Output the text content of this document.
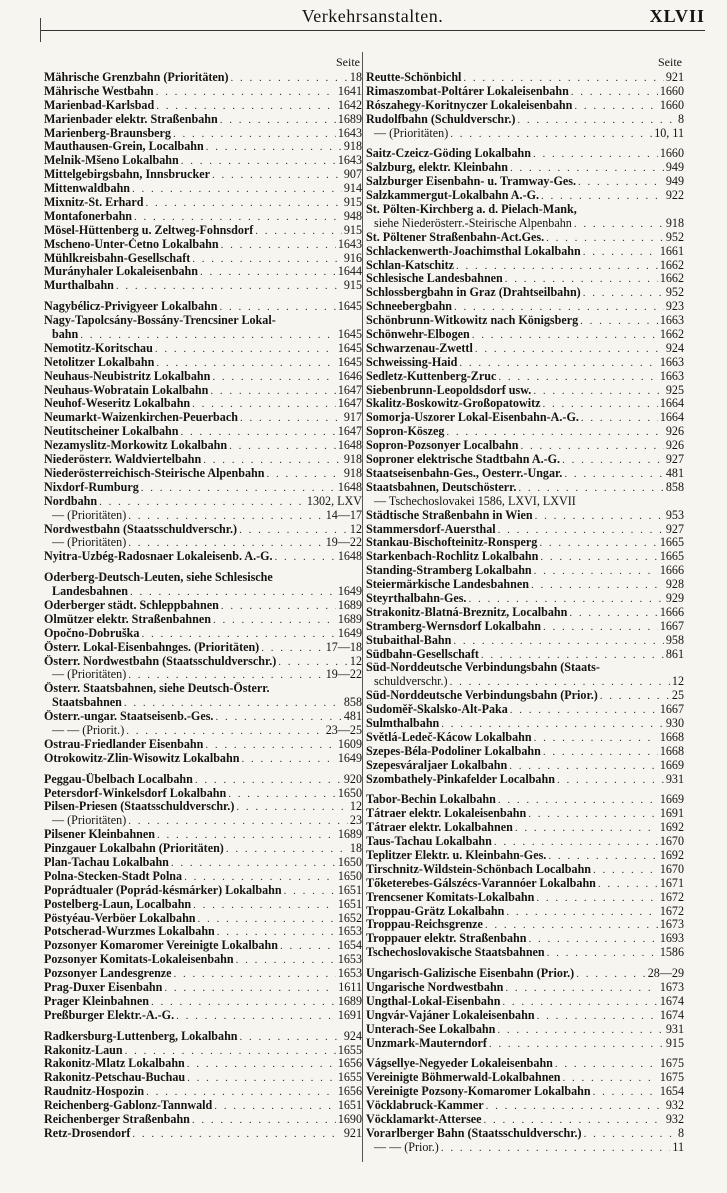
Verkehrsanstalten.	XLVII
Seite
Mährische Grenzbahn (Prioritäten) . . .	18
Mährische Westbahn . . .	1641
Marienbad-Karlsbad . . .	1642
Marienbader elektr. Straßenbahn . . .	1689
Marienberg-Braunsberg . . .	1643
Mauthausen-Grein, Localbahn . . .	918
Melnik-Mšeno Lokalbahn . . .	1643
Mittelgebirgsbahn, Innsbrucker . . .	907
Mittenwaldbahn . . .	914
Mixnitz-St. Erhard . . .	915
Montafonerbahn . . .	948
Mösel-Hüttenberg u. Zeltweg-Fohnsdorf . . .	915
Mscheno-Unter-Četno Lokalbahn . . .	1643
Mühlkreisbahn-Gesellschaft . . .	916
Murányhaler Lokaleisenbahn . . .	1644
Murthalbahn . . .	915
Nagybélicz-Privigyeer Lokalbahn . . .	1645
Nagy-Tapolcsány-Bossány-Trencsiner Lokal-
bahn . . .	1645
Nemotitz-Koritschau . . .	1645
Netolitzer Lokalbahn . . .	1645
Neuhaus-Neubistritz Lokalbahn . . .	1646
Neuhaus-Wobratain Lokalbahn . . .	1647
Neuhof-Weseritz Lokalbahn . . .	1647
Neumarkt-Waizenkirchen-Peuerbach . . .	917
Neutitscheiner Lokalbahn . . .	1647
Nezamyslitz-Morkowitz Lokalbahn . . .	1648
Niederösterr. Waldviertelbahn . . .	918
Niederösterreichisch-Steirische Alpenbahn . . .	918
Nixdorf-Rumburg . . .	1648
Nordbahn . . .	1302, LXV
— (Prioritäten) . . .	14—17
Nordwestbahn (Staatsschuldverschr.) . . .	12
— (Prioritäten) . . .	19—22
Nyitra-Uzbég-Radosnaer Lokaleisenb. A.-G. . . .	1648
Oderberg-Deutsch-Leuten, siehe Schlesische
Landesbahnen . . .	1649
Oderberger städt. Schleppbahnen . . .	1689
Olmützer elektr. Straßenbahnen . . .	1689
Opočno-Dobruška . . .	1649
Österr. Lokal-Eisenbahnges. (Prioritäten) . . .	17—18
Österr. Nordwestbahn (Staatsschuldverschr.) . . .	12
— (Prioritäten) . . .	19—22
Österr. Staatsbahnen, siehe Deutsch-Österr.
Staatsbahnen . . .	858
Österr.-ungar. Staatseisenb.-Ges. . . .	481
— — (Priorit.) . . .	23—25
Ostrau-Friedlander Eisenbahn . . .	1609
Otrokowitz-Zlin-Wisowitz Lokalbahn . . .	1649
Peggau-Übelbach Localbahn . . .	920
Petersdorf-Winkelsdorf Lokalbahn . . .	1650
Pilsen-Priesen (Staatsschuldverschr.) . . .	12
— (Prioritäten) . . .	23
Pilsener Kleinbahnen . . .	1689
Pinzgauer Lokalbahn (Prioritäten) . . .	18
Plan-Tachau Lokalbahn . . .	1650
Polna-Stecken-Stadt Polna . . .	1650
Poprádtualer (Poprád-késmárker) Lokalbahn . . .	1651
Postelberg-Laun, Localbahn . . .	1651
Pöstyéau-Verböer Lokalbahn . . .	1652
Potscherad-Wurzmes Lokalbahn . . .	1653
Pozsonyer Komaromer Vereinigte Lokalbahn . . .	1654
Pozsonyer Komitats-Lokaleisenbahn . . .	1653
Pozsonyer Landesgrenze . . .	1653
Prag-Duxer Eisenbahn . . .	1611
Prager Kleinbahnen . . .	1689
Preßburger Elektr.-A.-G. . . .	1691
Radkersburg-Luttenberg, Lokalbahn . . .	924
Rakonitz-Laun . . .	1655
Rakonitz-Mlatz Lokalbahn . . .	1656
Rakonitz-Petschau-Buchau . . .	1655
Raudnitz-Hospozin . . .	1656
Reichenberg-Gablonz-Tannwald . . .	1651
Reichenberger Straßenbahn . . .	1690
Retz-Drosendorf . . .	921
Seite
Reutte-Schönbichl . . .	921
Rimaszombat-Poltárer Lokaleisenbahn . . .	1660
Rószahegy-Koritnyczer Lokaleisenbahn . . .	1660
Rudolfbahn (Schuldverschr.) . . .	8
— (Prioritäten) . . .	10, 11
Saitz-Czeicz-Göding Lokalbahn . . .	1660
Salzburg, elektr. Kleinbahn . . .	949
Salzburger Eisenbahn- u. Tramway-Ges. . . .	949
Salzkammergut-Lokalbahn A.-G. . . .	922
St. Pölten-Kirchberg a. d. Pielach-Mank,
siehe Niederösterr.-Steirische Alpenbahn . . .	918
St. Pöltener Straßenbahn-Act.Ges. . . .	952
Schlackenwerth-Joachimsthal Lokalbahn . . .	1661
Schlan-Katschitz . . .	1662
Schlesische Landesbahnen . . .	1662
Schlossbergbahn in Graz (Drahtseilbahn) . . .	952
Schneebergbahn . . .	923
Schönbrunn-Witkowitz nach Königsberg . . .	1663
Schönwehr-Elbogen . . .	1662
Schwarzenau-Zwettl . . .	924
Schweissing-Haid . . .	1663
Sedletz-Kuttenberg-Zruc . . .	1663
Siebenbrunn-Leopoldsdorf usw. . . .	925
Skalitz-Boskowitz-Großopatowitz . . .	1664
Somorja-Uszorer Lokal-Eisenbahn-A.-G. . . .	1664
Sopron-Köszeg . . .	926
Sopron-Pozsonyer Localbahn . . .	926
Soproner elektrische Stadtbahn A.-G. . . .	927
Staatseisenbahn-Ges., Oesterr.-Ungar. . . .	481
Staatsbahnen, Deutschösterr. . . .	858
— Tschechoslovakei 1586, LXVI, LXVII
Städtische Straßenbahn in Wien . . .	953
Stammersdorf-Auersthal . . .	927
Stankau-Bischofteinitz-Ronsperg . . .	1665
Starkenbach-Rochlitz Lokalbahn . . .	1665
Standing-Stramberg Lokalbahn . . .	1666
Steiermärkische Landesbahnen . . .	928
Steyrthalbahn-Ges. . . .	929
Strakonitz-Blatná-Breznitz, Localbahn . . .	1666
Stramberg-Wernsdorf Lokalbahn . . .	1667
Stubaithal-Bahn . . .	958
Südbahn-Gesellschaft . . .	861
Süd-Norddeutsche Verbindungsbahn (Staats-
schuldverschr.) . . .	12
Süd-Norddeutsche Verbindungsbahn (Prior.) . . .	25
Sudoměř-Skalsko-Alt-Paka . . .	1667
Sulmthalbahn . . .	930
Světlá-Ledeč-Kácow Lokalbahn . . .	1668
Szepes-Béla-Podoliner Lokalbahn . . .	1668
Szepesváraljaer Lokalbahn . . .	1669
Szombathely-Pinkafelder Localbahn . . .	931
Tabor-Bechin Lokalbahn . . .	1669
Tátraer elektr. Lokaleisenbahn . . .	1691
Tátraer elektr. Lokalbahnen . . .	1692
Taus-Tachau Lokalbahn . . .	1670
Teplitzer Elektr. u. Kleinbahn-Ges. . . .	1692
Tirschnitz-Wildstein-Schönbach Localbahn . . .	1670
Tőketerebes-Gálszécs-Varannóer Lokalbahn . . .	1671
Trencsener Komitats-Lokalbahn . . .	1672
Troppau-Grätz Lokalbahn . . .	1672
Troppau-Reichsgrenze . . .	1673
Troppauer elektr. Straßenbahn . . .	1693
Tschechoslovakische Staatsbahnen . . .	1586
Ungarisch-Galizische Eisenbahn (Prior.) . . .	28—29
Ungarische Nordwestbahn . . .	1673
Ungthal-Lokal-Eisenbahn . . .	1674
Ungvár-Vajáner Lokaleisenbahn . . .	1674
Unterach-See Lokalbahn . . .	931
Unzmark-Mauterndorf . . .	915
Vágsellye-Negyeder Lokaleisenbahn . . .	1675
Vereinigte Böhmerwald-Lokalbahnen . . .	1675
Vereinigte Pozsony-Komaromer Lokalbahn . . .	1654
Vöcklabruck-Kammer . . .	932
Vöcklamarkt-Attersee . . .	932
Vorarlberger Bahn (Staatsschuldverschr.) . . .	8
— — (Prior.) . . .	11
